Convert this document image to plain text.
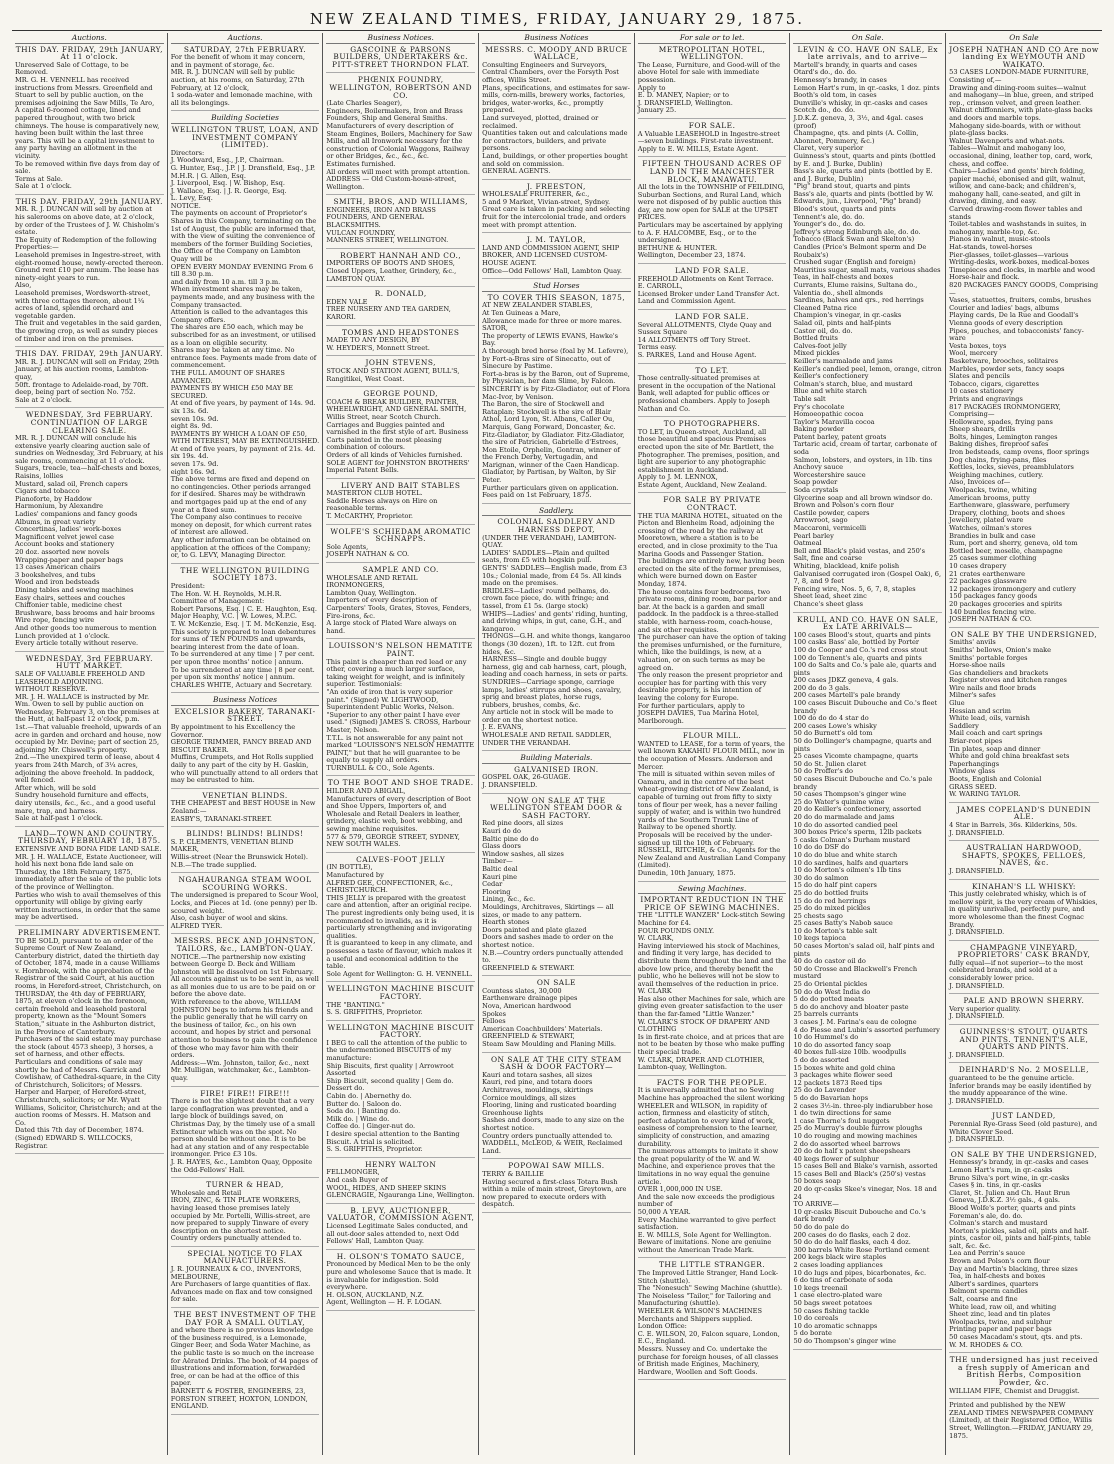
NEW ZEALAND TIMES, FRIDAY, JANUARY 29, 1875.
Auctions.
THIS DAY. FRIDAY, 29th JANUARY, At 11 o'clock.
Unreserved Sale of Cottage, to be Removed.
MR. G. H. VENNELL has received instructions from Messrs. Greenfield and Stuart to sell by public auction, on the premises adjoining the Saw Mills, Te Aro,
A capital 6-roomed cottage, lined and papered throughout, with two brick chimneys. The house is comparatively new, having been built within the last three years. This will be a capital investment to any party having an allotment in the vicinity.
To be removed within five days from day of sale.
Terms at Sale.
Sale at 1 o'clock.
THIS DAY. FRIDAY, 29th JANUARY.
MR. R. J. DUNCAN will sell by auction at his salerooms on above date, at 2 o'clock, by order of the Trustees of J. W. Chisholm's estate.
The Equity of Redemption of the following Properties:—
Leasehold premises in Ingestre-street, with eight-roomed house, newly-erected thereon. Ground rent £10 per annum. The lease has ninety-eight years to run.
Also,
Leasehold premises, Wordsworth-street, with three cottages thereon, about 1¼ acres of land, splendid orchard and vegetable garden.
The fruit and vegetables in the said garden, the growing crop, as well as sundry pieces of timber and iron on the premises.
THIS DAY. FRIDAY, 29th JANUARY.
MR. R. J. DUNCAN will sell on Friday, 29th January, at his auction rooms, Lambton-quay,
50ft. frontage to Adelaide-road, by 70ft. deep, being part of section No. 752.
Sale at 2 o'clock.
WEDNESDAY, 3rd FEBRUARY. CONTINUATION OF LARGE CLEARING SALE.
MR. R. J. DUNCAN will conclude his extensive yearly clearing auction sale of sundries on Wednesday, 3rd February, at his sale rooms, commencing at 11 o'clock.
Sugars, treacle, tea—half-chests and boxes, Raisins, lollies
Mustard, salad oil, French capers
Cigars and tobacco
Pianoforte, by Haddow
Harmonium, by Alexandre
Ladies' companions and fancy goods
Albums, in great variety
Concertinas, ladies' work-boxes
Magnificent velvet jewel case
Account books and stationery
20 doz. assorted new novels
Wrapping-paper and paper bags
13 cases American chairs
3 bookshelves, and tubs
Wood and iron bedsteads
Dining tables and sewing machines
Easy chairs, settees and couches
Chiffonier table, medicine chest
Brushware, bass brooms and hair brooms
Wire rope, fencing wire
And other goods too numerous to mention
Lunch provided at 1 o'clock.
Every article totally without reserve.
WEDNESDAY, 3rd FEBRUARY. HUTT MARKET.
SALE OF VALUABLE FREEHOLD AND LEASEHOLD ADJOINING.
WITHOUT RESERVE.
MR. J. H. WALLACE is instructed by Mr. Wm. Owen to sell by public auction on Wednesday, February 3, on the premises at the Hutt, at half-past 12 o'clock, p.m.
1st.—That valuable freehold, upwards of an acre in garden and orchard and house, now occupied by Mr. Devine; part of section 25, adjoining Mr. Chiswell's property.
2nd.—The unexpired term of lease, about 4 years from 24th March, of 3¼ acres, adjoining the above freehold. In paddock, well fenced.
After which, will be sold
Sundry household furniture and effects, dairy utensils, &c., &c., and a good useful mare, trap, and harness.
Sale at half-past 1 o'clock.
LAND—TOWN AND COUNTRY. THURSDAY, FEBRUARY 18, 1875.
EXTENSIVE AND BONA FIDE LAND SALE.
MR. J. H. WALLACE, Estate Auctioneer, will hold his next bona fide land sale on Thursday, the 18th February, 1875, immediately after the sale of the public lots of the province of Wellington.
Parties who wish to avail themselves of this opportunity will oblige by giving early written instructions, in order that the same may be advertised.
PRELIMINARY ADVERTISEMENT.
TO BE SOLD, pursuant to an order of the Supreme Court of New Zealand, Canterbury district, dated the thirtieth day of October, 1874, made in a cause Williams v. Hornbrook, with the approbation of the Registrar of the said Court, at his auction rooms, in Hereford-street, Christchurch, on THURSDAY, the 4th day of FEBRUARY, 1875, at eleven o'clock in the forenoon, certain freehold and leasehold pastoral property, known as the "Mount Somers Station," situate in the Ashburton district, in the Province of Canterbury.
Purchasers of the said estate may purchase the stock (about 4573 sheep), 3 horses, a set of harness, and other effects.
Particulars and conditions of sale may shortly be had of Messrs. Garrick and Cowlishaw, of Cathedral-square, in the City of Christchurch, Solicitors; of Messrs. Harper and Harper, of Hereford-street, Christchurch, solicitors; or Mr. Wyatt Williams, Solicitor, Christchurch; and at the auction rooms of Messrs. H. Matson and Co.
Dated this 7th day of December, 1874.
(Signed) EDWARD S. WILLCOCKS, Registrar.
Auctions.
SATURDAY, 27th FEBRUARY.
For the benefit of whom it may concern, and in payment of storage, &c.
MR. R. J. DUNCAN will sell by public auction, at his rooms, on Saturday, 27th February, at 12 o'clock,
1 soda-water and lemonade machine, with all its belongings.
Building Societies
WELLINGTON TRUST, LOAN, AND INVESTMENT COMPANY (LIMITED).
Directors:
J. Woodward, Esq., J.P., Chairman.
G. Hunter, Esq., J.P. | J. Dransfield, Esq., J.P.
M.H.R. | G. Allen, Esq.
J. Liverpool, Esq. | W. Bishop, Esq.
J. Wallace, Esq. | J. R. George, Esq.
L. Levy, Esq.
NOTICE.
The payments on account of Proprietor's Shares in this Company, terminating on the 1st of August, the public are informed that, with the view of suiting the convenience of members of the former Building Societies, the Office of the Company on Lambton Quay will be
OPEN EVERY MONDAY EVENING From 6 till 8.30 p.m.
and daily from 10 a.m. till 3 p.m.
When investment shares may be taken, payments made, and any business with the Company transacted.
Attention is called to the advantages this Company offers.
The shares are £50 each, which may be subscribed for as an investment, or utilised as a loan on eligible security.
Shares may be taken at any time. No entrance fees. Payments made from date of commencement.
THE FULL AMOUNT OF SHARES ADVANCED.
PAYMENTS BY WHICH £50 MAY BE SECURED.
At end of five years, by payment of 14s. 9d.
six 13s. 6d.
seven 10s. 9d.
eight 8s. 9d.
PAYMENTS BY WHICH A LOAN OF £50, WITH INTEREST, MAY BE EXTINGUISHED.
At end of five years, by payment of 21s. 4d.
six 19s. 4d.
seven 17s. 9d.
eight 16s. 9d.
The above terms are fixed and depend on no contingencies. Other periods arranged for if desired. Shares may be withdrawn and mortgages paid up at the end of any year at a fixed sum.
The Company also continues to receive money on deposit, for which current rates of interest are allowed.
Any other information can be obtained on application at the offices of the Company; or, to G. LEVY, Managing Director.
THE WELLINGTON BUILDING SOCIETY 1873.
President:
The Hon. W. H. Reynolds, M.H.R.
Committee of Management:
Robert Parsons, Esq. | C. E. Haughton, Esq.
Major Heaphy, V.C. | W. Lowes, M.P.C.
T. W. McKenzie, Esq. | T. M. McKenzie, Esq.
This society is prepared to loan debentures for sums of TEN POUNDS and upwards, bearing interest from the date of loan.
To be surrendered at any time | 7 per cent. per upon three months' notice | annum.
To be surrendered at any time | 8 per cent. per upon six months' notice | annum.
CHARLES WHITE, Actuary and Secretary.
Business Notices
EXCELSIOR BAKERY, TARANAKI-STREET.
By appointment to his Excellency the Governor.
GEORGE TRIMMER, FANCY BREAD AND BISCUIT BAKER.
Muffins, Crumpets, and Hot Rolls supplied daily to any part of the city by H. Gaskin, who will punctually attend to all orders that may be entrusted to him.
VENETIAN BLINDS.
THE CHEAPEST and BEST HOUSE in New Zealand:—
EASBY'S, TARANAKI-STREET.
BLINDS! BLINDS! BLINDS!
S. P. CLEMENTS, VENETIAN BLIND MAKER,
Willis-street (Near the Brunswick Hotel).
N.B.—The trade supplied.
NGAHAURANGA STEAM WOOL SCOURING WORKS.
The undersigned is prepared to Scour Wool, Locks, and Pieces at 1d. (one penny) per lb. scoured weight.
Also, cash buyer of wool and skins.
ALFRED TYER.
MESSRS. BECK AND JOHNSTON, TAILORS, &c., LAMBTON-QUAY.
NOTICE.—The partnership now existing between George D. Beck and William Johnston will be dissolved on 1st February. All accounts against us to be sent in, as well as all monies due to us are to be paid on or before the above date.
With reference to the above, WILLIAM JOHNSTON begs to inform his friends and the public generally that he will carry on the business of tailor, &c., on his own account, and hopes by strict and personal attention to business to gain the confidence of those who may favor him with their orders.
Address:—Wm. Johnston, tailor, &c., next Mr. Mulligan, watchmaker, &c., Lambton-quay.
FIRE! FIRE!! FIRE!!!
There is not the slightest doubt that a very large conflagration was prevented, and a large block of buildings saved, on Christmas Day, by the timely use of a small Extincteur which was on the spot. No person should be without one. It is to be had at any station and of any respectable ironmonger. Price £3 10s.
J. R. HAYES, &c., Lambton Quay, Opposite the Odd-Fellows' Hall.
TURNER & HEAD,
Wholesale and Retail
IRON, ZINC, & TIN PLATE WORKERS,
having leased those premises lately occupied by Mr. Portelli, Willis-street, are now prepared to supply Tinware of every description on the shortest notice.
Country orders punctually attended to.
SPECIAL NOTICE TO FLAX MANUFACTURERS.
J. R. JOURNEAUX & CO., INVENTORS, MELBOURNE,
Are Purchasers of large quantities of flax. Advances made on flax and tow consigned for sale.
THE BEST INVESTMENT OF THE DAY FOR A SMALL OUTLAY,
and where there is no previous knowledge of the business required, is a Lemonade, Ginger Beer, and Soda Water Machine, as the public taste is so much on the increase for Aërated Drinks. The book of 44 pages of illustrations and information, forwarded free, or can be had at the office of this paper.
BARNETT & FOSTER, ENGINEERS, 23, FORSTON STREET, HOXTON, LONDON, ENGLAND.
Business Notices.
GASCOINE & PARSONS BUILDERS, UNDERTAKERS &c. PITT-STREET THORNDON FLAT.
PHŒNIX FOUNDRY, WELLINGTON, ROBERTSON AND CO.
(Late Charles Seager),
Engineers, Boilermakers, Iron and Brass Founders, Ship and General Smiths.
Manufacturers of every description of Steam Engines, Boilers, Machinery for Saw Mills, and all Ironwork necessary for the construction of Colonial Waggons, Railway or other Bridges, &c., &c., &c.
Estimates furnished.
All orders will meet with prompt attention.
ADDRESS — Old Custom-house-street, Wellington.
SMITH, BROS, AND WILLIAMS,
ENGINEERS, IRON AND BRASS FOUNDERS, AND GENERAL BLACKSMITHS.
VULCAN FOUNDRY,
MANNERS STREET, WELLINGTON.
ROBERT HANNAH AND CO.,
IMPORTERS OF BOOTS AND SHOES,
Closed Uppers, Leather, Grindery, &c., LAMBTON QUAY.
R. DONALD,
EDEN VALE
TREE NURSERY AND TEA GARDEN, KARORI.
TOMBS AND HEADSTONES
MADE TO ANY DESIGN, BY
W. HEYDER'S, Monnett Street.
JOHN STEVENS,
STOCK AND STATION AGENT, BULL'S,
Rangitikei, West Coast.
GEORGE POUND,
COACH & BREAK BUILDER, PAINTER, WHEELWRIGHT, AND GENERAL SMITH,
Willis Street, near Scotch Church.
Carriages and Buggies painted and varnished in the first style of art. Business Carts painted in the most pleasing combination of colours.
Orders of all kinds of Vehicles furnished. SOLE AGENT for JOHNSTON BROTHERS' Imperial Patent Bells.
LIVERY AND BAIT STABLES
MASTERTON CLUB HOTEL.
Saddle Horses always on Hire on reasonable terms.
T. McCARTHY, Proprietor.
WOLFE'S SCHIEDAM AROMATIC SCHNAPPS.
Sole Agents,
JOSEPH NATHAN & CO.
SAMPLE AND CO.
WHOLESALE AND RETAIL IRONMONGERS,
Lambton Quay, Wellington.
Importers of every description of Carpenters' Tools, Grates, Stoves, Fenders, Fire-irons, &c.
A large stock of Plated Ware always on hand.
LOUISSON'S NELSON HEMATITE PAINT.
This paint is cheaper than red lead or any other, covering a much larger surface, taking weight for weight, and is infinitely superior. Testimonials:
"An oxide of iron that is very superior paint." (Signed) W. LIGHTWOOD, Superintendent Public Works, Nelson.
"Superior to any other paint I have ever used." (Signed) JAMES S. CROSS, Harbour Master, Nelson.
T.T.L. is not answerable for any paint not marked "LOUISSON'S NELSON HEMATITE PAINT," but that he will guarantee to be equally to supply all orders.
TURNBULL & CO., Sole Agents.
TO THE BOOT AND SHOE TRADE.
HILDER AND ABIGAIL,
Manufacturers of every description of Boot and Shoe Uppers, Importers of, and Wholesale and Retail Dealers in leather, grindery, elastic web, boot webbing, and sewing machine requisites.
577 & 579, GEORGE STREET, SYDNEY, NEW SOUTH WALES.
CALVES-FOOT JELLY
(IN BOTTLE),
Manufactured by
ALFRED GEE, CONFECTIONER, &c.,
CHRISTCHURCH.
THIS JELLY is prepared with the greatest care and attention, after an original recipe.
The purest ingredients only being used, it is recommended to invalids, as it is particularly strengthening and invigorating qualities.
It is guaranteed to keep in any climate, and possesses a taste of flavour, which makes it a useful and economical addition to the table.
Sole Agent for Wellington: G. H. VENNELL.
WELLINGTON MACHINE BISCUIT FACTORY.
THE "BANTING."
S. S. GRIFFITHS, Proprietor.
WELLINGTON MACHINE BISCUIT FACTORY.
I BEG to call the attention of the public to the undermentioned BISCUITS of my manufacture:
Ship Biscuits, first quality | Arrowroot Assorted
Ship Biscuit, second quality | Gem do. Dessert do.
Cabin do. | Abernethy do.
Butter do. | Saloon do.
Soda do. | Banting do.
Milk do. | Wine do.
Coffee do. | Ginger-nut do.
I desire special attention to the Banting Biscuit. A trial is solicited.
S. S. GRIFFITHS, Proprietor.
HENRY WALTON
FELLMONGER,
And cash Buyer of
WOOL, HIDES, AND SHEEP SKINS
GLENCRAGIE, Ngauranga Line, Wellington.
B. LEVY, AUCTIONEER, VALUATOR, COMMISSION AGENT,
Licensed Legitimate Sales conducted, and all out-door sales attended to, next Odd Fellows' Hall, Lambton Quay.
H. OLSON'S TOMATO SAUCE,
Pronounced by Medical Men to be the only pure and wholesome Sauce that is made. It is invaluable for indigestion. Sold everywhere.
H. OLSON, AUCKLAND, N.Z.
Agent, Wellington — H. F. LOGAN.
Business Notices
MESSRS. C. MOODY AND BRUCE WALLACE,
Consulting Engineers and Surveyors,
Central Chambers, over the Forsyth Post offices, Willis Street.
Plans, specifications, and estimates for saw-mills, corn-mills, brewery works, factories, bridges, water-works, &c., promptly prepared.
Land surveyed, plotted, drained or reclaimed.
Quantities taken out and calculations made for contractors, builders, and private persons.
Land, buildings, or other properties bought and sold on commission.
GENERAL AGENTS.
J. FREESTON,
WHOLESALE FRUITERER, &c.,
5 and 9 Market, Vivian-street, Sydney.
Great care is taken in packing and selecting fruit for the intercolonial trade, and orders meet with prompt attention.
J. M. TAYLOR,
LAND AND COMMISSION AGENT, SHIP BROKER, AND LICENSED CUSTOM-HOUSE AGENT.
Office—Odd Fellows' Hall, Lambton Quay.
Stud Horses
TO COVER THIS SEASON, 1875,
AT NEW ZEALANDER STABLES,
At Ten Guineas a Mare,
Allowance made for three or more mares.
SATOR,
The property of LEWIS EVANS, Hawke's Bay.
A thorough bred horse (foal by M. Lefevre), by Fort-a-Bras sire of Sinecatto, out of Sinecure by Pastime.
Fort-a-bras is by the Baron, out of Supreme, by Physician, her dam Slime, by Falcon.
SINCERITY is by Fitz-Gladiator, out of Flora Mac-Ivor, by Venison.
The Baron, the sire of Stockwell and Rataplan; Stockwell is the sire of Blair Athol, Lord Lyon, St. Albans, Caller Ou, Marquis, Gang Forward, Doncaster, &c.
Fitz-Gladiator, by Gladiator. Fitz-Gladiator, the sire of Patricien, Gabrielle d'Estrees, Mon Etoile, Orphelin, Gontran, winner of the French Derby, Vertugadin, and Marignan, winner of the Caen Handicap.
Gladiator, by Partisan, by Walton, by Sir Peter.
Further particulars given on application.
Fees paid on 1st February, 1875.
Saddlery.
COLONIAL SADDLERY AND HARNESS DEPOT,
(UNDER THE VERANDAH), LAMBTON-QUAY.
LADIES' SADDLES—Plain and quilted seats, from £5 with hogskin pull.
GENTS' SADDLES—English made, from £3 10s.; Colonial made, from £4 5s. All kinds made on the premises.
BRIDLES—Ladies' round pelhams, do. crown face piece, do. with fringe; and tassel, from £1 5s. (large stock)
WHIPS—Ladies' and gents' riding, hunting, and driving whips, in gut, cane, G.H., and kangaroo.
THONGS—G.H. and white thongs, kangaroo thongs (30 dozen), 1ft. to 12ft. cut from hides, &c.
HARNESS—Single and double buggy harness, gig and cab harness, cart, plough, leading and coach harness, in sets or parts.
SUNDRIES—Carriage sponge, carriage lamps, ladies' stirrups and shoes, cavalry, sprig and breast plates, horse rugs, rubbers, brushes, combs, &c.
Any article not in stock will be made to order on the shortest notice.
J. E. EVANS,
WHOLESALE AND RETAIL SADDLER, UNDER THE VERANDAH.
Building Materials.
GALVANISED IRON.
GOSPEL OAK, 26-GUAGE.
J. DRANSFIELD.
NOW ON SALE AT THE WELLINGTON STEAM DOOR & SASH FACTORY.
Red pine doors, all sizes
Kauri do do
Baltic pine do do
Glass doors
Window sashes, all sizes
Timber—
Baltic deal
Kauri pine
Cedar
Flooring
Lining, &c., &c.
Mouldings, Architraves, Skirtings — all sizes, or made to any pattern.
Hearth stones
Doors painted and plate glazed
Doors and sashes made to order on the shortest notice.
N.B.—Country orders punctually attended to.
GREENFIELD & STEWART.
ON SALE
Countess slates, 30,000
Earthenware drainage pipes
Nova, American hardwood
Spokes
Felloes
American Coachbuilders' Materials.
GREENFIELD & STEWART,
Steam Saw Moulding and Planing Mills.
ON SALE AT THE CITY STEAM SASH & DOOR FACTORY—
Kauri and totara sashes, all sizes
Kauri, red pine, and totara doors
Architraves, mouldings, skirtings
Cornice mouldings, all sizes
Flooring, lining and rusticated boarding
Greenhouse lights
Sashes and doors, made to any size on the shortest notice.
Country orders punctually attended to.
WADDELL, McLEOD, & WEIR, Reclaimed Land.
POPOWAI SAW MILLS.
TERRY & BAILLIE
Having secured a first-class Totara Bush within a mile of main street, Greytown, are now prepared to execute orders with despatch.
For sale or to let.
METROPOLITAN HOTEL, WELLINGTON.
The Lease, Furniture, and Good-will of the above Hotel for sale with immediate possession.
Apply to
E. D. MANEY, Napier; or to
J. DRANSFIELD, Wellington.
January 25.
FOR SALE.
A Valuable LEASEHOLD in Ingestre-street—seven buildings. First-rate investment. Apply to E. W. MILLS, Estate Agent.
FIFTEEN THOUSAND ACRES OF LAND IN THE MANCHESTER BLOCK, MANAWATU.
All the lots in the TOWNSHIP of FEILDING, Suburban Sections, and Rural Land, which were not disposed of by public auction this day, are now open for SALE at the UPSET PRICES.
Particulars may be ascertained by applying to A. F. HALCOMBE, Esq., or to the undersigned.
BETHUNE & HUNTER.
Wellington, December 23, 1874.
LAND FOR SALE.
FREEHOLD Allotments on Kent Terrace.
E. CARROLL,
Licensed Broker under Land Transfer Act.
Land and Commission Agent.
LAND FOR SALE.
Several ALLOTMENTS, Clyde Quay and Sussex Square
14 ALLOTMENTS off Tory Street.
Terms easy.
S. PARKES, Land and House Agent.
TO LET.
Those centrally-situated premises at present in the occupation of the National Bank, well adapted for public offices or professional chambers. Apply to Joseph Nathan and Co.
TO PHOTOGRAPHERS.
TO LET, in Queen-street, Auckland, all those beautiful and spacious Premises erected upon the site of Mr. Bartlett, the Photographer. The premises, position, and light are superior to any photographic establishment in Auckland.
Apply to J. M. LENNOX,
Estate Agent, Auckland, New Zealand.
FOR SALE BY PRIVATE CONTRACT.
THE TUA MARINA HOTEL, situated on the Picton and Blenheim Road, adjoining the crossing of the road by the railway at Mooretown, where a station is to be erected, and in close proximity to the Tua Marina Goods and Passenger Station.
The buildings are entirely new, having been erected on the site of the former premises, which were burned down on Easter Monday, 1874.
The house contains four bedrooms, two private rooms, dining room, bar parlor and bar. At the back is a garden and small paddock. In the paddock is a three-stalled stable, with harness-room, coach-house, and six other requisites.
The purchaser can have the option of taking the premises unfurnished, or the furniture, which, like the buildings, is new, at a valuation, or on such terms as may be agreed on.
The only reason the present proprietor and occupier has for parting with this very desirable property, is his intention of leaving the colony for Europe.
For further particulars, apply to
JOSEPH DAVIES, Tua Marina Hotel, Marlborough.
FLOUR MILL.
WANTED to LEASE, for a term of years, the well known KAKAHIU FLOUR MILL, now in the occupation of Messrs. Anderson and Mercer.
The mill is situated within seven miles of Oamaru, and in the centre of the best wheat-growing district of New Zealand, is capable of turning out from fifty to sixty tons of flour per week, has a never failing supply of water, and is within two hundred yards of the Southern Trunk Line of Railway to be opened shortly.
Proposals will be received by the under-signed up till the 10th of February.
RUSSELL, RITCHIE, & Co., Agents for the New Zealand and Australian Land Company (Limited).
Dunedin, 10th January, 1875.
Sewing Machines.
IMPORTANT REDUCTION IN THE PRICE OF SEWING MACHINES.
THE "LITTLE WANZER" Lock-stitch Sewing Machine for £4.
FOUR POUNDS ONLY.
W. CLARK,
Having interviewed his stock of Machines, and finding it very large, has decided to distribute them throughout the land and the above low price, and thereby benefit the public, who he believes will not be slow to avail themselves of the reduction in price.
W. CLARK
Has also other Machines for sale, which are giving even greater satisfaction to the user than the far-famed "Little Wanzer."
W. CLARK'S STOCK OF DRAPERY AND CLOTHING
Is in first-rate choice, and at prices that are not to be beaten by those who make puffing their special trade.
W. CLARK, DRAPER AND CLOTHIER, Lambton-quay, Wellington.
FACTS FOR THE PEOPLE.
It is universally admitted that no Sewing Machine has approached the silent working WHEELER and WILSON, in rapidity of action, firmness and elasticity of stitch, perfect adaptation to every kind of work, easiness of comprehension to the learner, simplicity of construction, and amazing durability.
The numerous attempts to imitate it show the great popularity of the W. and W. Machine, and experience proves that the limitations in no way equal the genuine article.
OVER 1,000,000 IN USE.
And the sale now exceeds the prodigious number of
50,000 A YEAR.
Every Machine warranted to give perfect satisfaction.
E. W. MILLS, Sole Agent for Wellington.
Beware of imitations. None are genuine without the American Trade Mark.
THE LITTLE STRANGER.
The Improved Little Stranger, Hand Lock-Stitch (shuttle).
The "Nonesuch" Sewing Machine (shuttle).
The Noiseless "Tailor," for Tailoring and Manufacturing (shuttle).
WHEELER & WILSON'S MACHINES
Merchants and Shippers supplied.
London Office:
C. E. WILSON, 20, Falcon square, London, E.C., England.
Messrs. Nussey and Co. undertake the purchase for foreign houses, of all classes of British made Engines, Machinery, Hardware, Woollen and Soft Goods.
On Sale.
LEVIN & CO. HAVE ON SALE, Ex late arrivals, and to arrive—
Martell's brandy, in quarts and cases
Otard's do., do. do.
Hennessy's brandy, in cases
Lemon Hart's rum, in qr.-casks, 1 doz. pints
Booth's old tom, in cases
Dunville's whisky, in qr.-casks and cases
Scotch do., do. do.
J.D.K.Z. geneva, 3, 3½, and 4gal. cases (proof)
Champagne, qts. and pints (A. Collin, Abonnet, Pommery, &c.)
Claret, very superior
Guinness's stout, quarts and pints (bottled by E. and J. Burke, Dublin)
Bass's ale, quarts and pints (bottled by E. and J. Burke, Dublin)
"Pig" brand stout, quarts and pints
Bass's ale, quarts and pints (bottled by W. Edwards, jun., Liverpool, "Pig" brand)
Blood's stout, quarts and pints
Tennent's ale, do. do.
Younger's do., do. do.
Jeffrey's strong Edinburgh ale, do. do.
Tobacco (Black Swan and Skelton's)
Candles (Price's Belmont sperm and De Roubaix's)
Crushed sugar (English and foreign)
Mauritius sugar, small mats, various shades
Teas, in half-chests and boxes
Currants, Elume raisins, Sultana do., Valentia do., shell almonds
Sardines, halves and qrs., red herrings
Cleaned Patna rice
Champion's vinegar, in qr.-casks
Salad oil, pints and half-pints
Castor oil, do. do.
Bottled fruits
Calves-foot jelly
Mixed pickles
Keiller's marmalade and jams
Keiller's candied peel, lemon, orange, citron
Keiller's confectionery
Colman's starch, blue, and mustard
Blue and white starch
Table salt
Fry's chocolate
Homoeopathic cocoa
Taylor's Maravilla cocoa
Baking powder
Patent barley, patent groats
Tartaric acid, cream of tartar, carbonate of soda
Salmon, lobsters, and oysters, in 1lb. tins
Anchovy sauce
Worcestershire sauce
Soap powder
Soda crystals
Glycerine soap and all brown windsor do.
Brown and Polson's corn flour
Castile powder, capers
Arrowroot, sago
Maccaroni, vermicelli
Pearl barley
Oatmeal
Bell and Black's plaid vestas, and 250's
Salt, fine and coarse
Whiting, blacklead, knife polish
Galvanised corrugated iron (Gospel Oak), 6, 7, 8, and 9 feet
Fencing wire, Nos. 5, 6, 7, 8, staples
Sheet lead, sheet zinc
Chance's sheet glass
KRULL AND CO. HAVE ON SALE, Ex LATE ARRIVALS—
100 cases Blood's stout, quarts and pints
100 casks Bass' ale, bottled by Porter
100 do Cooper and Co.'s red cross stout
100 do Tennent's ale, quarts and pints
100 do Salts and Co.'s pale ale, quarts and pints
200 cases JDKZ geneva, 4 gals.
200 do do 3 gals.
200 cases Martell's pale brandy
100 cases Biscuit Dubouche and Co.'s fleet brandy
100 do do do 4 star do
200 cases Lowe's whisky
50 do Burnett's old tom
50 do Dollinger's champagne, quarts and pints
25 cases Vicomte champagne, quarts
50 do St. Julien claret
50 do Proffer's do
50 cases Biscuit Dubouche and Co.'s pale brandy
50 cases Thompson's ginger wine
25 do Water's quinine wine
20 do Keiller's confectionery, assorted
20 do do marmalade and jams
10 do do assorted candied peel
300 boxes Price's sperm, 12lb packets
5 casks Colman's Durham mustard
10 do do DSF do
10 do do blue and white starch
10 do sardines, halfs and quarters
10 do Morton's oilmen's 1lb tins
30 do do salmon
15 do do half pint capers
25 do do bottled fruits
15 do do red herrings
25 do do mixed pickles
25 chests sago
25 cases Batty's Nabob sauce
10 do Morton's table salt
10 kegs tapioca
50 cases Morton's salad oil, half pints and pints
40 do do castor oil do
50 do Crosse and Blackwell's French mustard
25 do Oriental pickles
50 do do West India do
5 do do potted meats
5 do do anchovy and bloater paste
25 barrels currants
3 cases J. M. Farina's eau de cologne
4 do Piesse and Lubin's assorted perfumery
10 do Hummel's do
10 do do assorted fancy soap
40 boxes full-size 10lb. woodpulls
5 do do assorted
15 boxes white and gold china
3 packages white flower seed
12 packets 1873 Reed tips
25 do do Lavender
5 do do Bavarian hops
2 cases 3½-in. three-ply indiarubber hose
1 do twin directions for same
1 case Thorne's foul nuggets
25 do Murray's double furrow ploughs
10 do rouging and mowing machines
2 do do assorted wheel barrows
20 do do half x patent sheepshears
40 kegs flower of sulphur
15 cases Bell and Blake's varnish, assorted
15 cases Bell and Black's (250's) vestas
50 boxes soap
20 do qr-casks Skee's vinegar, Nos. 18 and 24
TO ARRIVE—
10 qr-casks Biscuit Dubouche and Co.'s dark brandy
50 do do pale do
200 cases do do flasks, each 2 doz.
50 do do do half flasks, each 4 doz.
300 barrels White Rose Portland cement
200 kegs black wire staples
2 cases loading appliances
10 do lugs and pipes, bicarbonates, &c.
6 do tins of carbonate of soda
10 kegs treenail
1 case electro-plated ware
50 bags sweet potatoes
50 cases fishing tackle
10 do cereals
10 do aromatic schnapps
5 do borate
50 do Thompson's ginger wine
On Sale
JOSEPH NATHAN AND CO Are now landing Ex WEYMOUTH AND WAIKATO.
53 CASES LONDON-MADE FURNITURE, Consisting of,—
Drawing and dining-room suites—walnut and mahogany—in blue, green, and striped rep., crimson velvet, and green leather.
Walnut chiffonniers, with plate-glass backs and doors and marble tops.
Mahogany side-boards, with or without plate-glass backs.
Walnut Davenports and what-nots.
Tables—Walnut and mahogany loo, occasional, dining, leather top, card, work, chess, and coffee.
Chairs—Ladies' and gents' birch folding, papier maché, ebonised and gilt, walnut, willow, and cane-back; and children's, mahogany hall, cane-seated, and gilt in drawing, dining, and easy.
Carved drawing-room flower tables and stands
Toilet-tables and washstands in suites, in mahogany, marble-top, &c.
Pianos in walnut, music-stools
Hat-stands, towel-horses
Pier-glasses, toilet-glasses—various
Writing-desks, work-boxes, medical-boxes
Timepieces and clocks, in marble and wood
Horse-hair and flock.
820 PACKAGES FANCY GOODS, Comprising—
Vases, statuettes, fruiters, combs, brushes
Courier and ladies' bags, albums
Playing cards, De la Rue and Goodall's
Vienna goods of every description
Pipes, pouches, and tobacconists' fancy-ware
Vesta boxes, toys
Wool, mercery
Basketware, brooches, solitaires
Marbles, powder sets, fancy soaps
Slates and pencils
Tobacco, cigars, cigarettes
10 cases stationery
Prints and engravings
817 PACKAGES IRONMONGERY, Comprising—
Holloware, spades, frying pans
Sheep shears, drills
Bolts, hinges, Lemington ranges
Baking dishes, fireproof safes
Iron bedsteads, camp ovens, floor springs
Dog chains, frying-pans, files
Kettles, locks, sieves, preamblulators
Weighing machines, cutlery.
Also, Invoices of—
Woolpacks, twine, whiting
American brooms, putty
Earthenware, glassware, perfumery
Drapery, clothing, boots and shoes
Jewellery, plated ware
Watches, oilman's stores
Brandies in bulk and case
Rum, port and sherry, geneva, old tom
Bottled beer, moselle, champagne
25 cases summer clothing
10 cases drapery
21 crates earthenware
22 packages glassware
12 packages ironmongery and cutlery
150 packages fancy goods
20 packages groceries and spirits
140 bundles fencing wire.
JOSEPH NATHAN & CO.
ON SALE BY THE UNDERSIGNED,
Smiths' anvils
Smiths' bellows, Onion's make
Smiths' portable forges
Horse-shoe nails
Gas chandeliers and brackets
Register stoves and kitchen ranges
Wire nails and floor brads
Milner's safes
Glue
Hessian and scrim
White lead, oils, varnish
Saddlery
Mail coach and cart springs
Briar-root pipes
Tin plates, soap and dinner
White and gold china breakfast sets
Paperhangings
Window glass
Boots, English and Colonial
GRASS SEED.
W. WARING TAYLOR.
JAMES COPELAND'S DUNEDIN ALE.
4 Star in Barrels, 36s. Kilderkins, 50s.
J. DRANSFIELD.
AUSTRALIAN HARDWOOD, SHAFTS, SPOKES, FELLOES, NAVES, &c.
J. DRANSFIELD.
KINAHAN'S LL WHISKY:
This justly celebrated whisky, which is of mellow spirit, is the very cream of Whiskies, in quality unrivalled, perfectly pure, and more wholesome than the finest Cognac Brandy.
J. DRANSFIELD.
CHAMPAGNE VINEYARD, PROPRIETORS' CASK BRANDY,
fully equal—if not superior—to the most celebrated brands, and sold at a considerably lower price.
J. DRANSFIELD.
PALE AND BROWN SHERRY.
Very superior quality.
J. DRANSFIELD.
GUINNESS'S STOUT, QUARTS AND PINTS. TENNENT'S ALE, QUARTS AND PINTS.
J. DRANSFIELD.
DEINHARD'S No. 2 MOSELLE,
guaranteed to be the genuine article. Inferior brands may be easily identified by the muddy appearance of the wine.
J. DRANSFIELD.
JUST LANDED,
Perennial Rye-Grass Seed (old pasture), and White Clover Seed.
J. DRANSFIELD.
ON SALE BY THE UNDERSIGNED,
Hennessy's brandy, in qr.-casks and cases
Lemon Hart's rum, in qr.-casks
Bruno Silva's port wine, in qr.-casks
Cases § in. tins, in qr.-casks
Claret, St. Julien and Ch. Haut Brun
Geneva, J.D.K.Z. 3½ gals., 4 gals.
Blood Wolfe's porter, quarts and pints
Foreman's ale, do. do.
Colman's starch and mustard
Morton's pickles, salad oil, pints and half-pints, castor oil, pints and half-pints, table salt, &c. &c.
Lea and Perrin's sauce
Brown and Polson's corn flour
Day and Martin's blacking, three sizes
Tea, in half-chests and boxes
Albert's sardines, quarters
Belmont sperm candles
Salt, coarse and fine
White lead, raw oil, and whiting
Sheet zinc, lead and tin plates
Woolpacks, twine, and sulphur
Printing paper and paper bags
50 cases Macadam's stout, qts. and pts.
W. M. RHODES & CO.
THE undersigned has just received a fresh supply of American and British Herbs, Composition Powder, &c.
WILLIAM FIFE, Chemist and Druggist.
Printed and published by the NEW ZEALAND TIMES NEWSPAPER COMPANY (Limited), at their Registered Office, Willis Street, Wellington.—FRIDAY, JANUARY 29, 1875.
